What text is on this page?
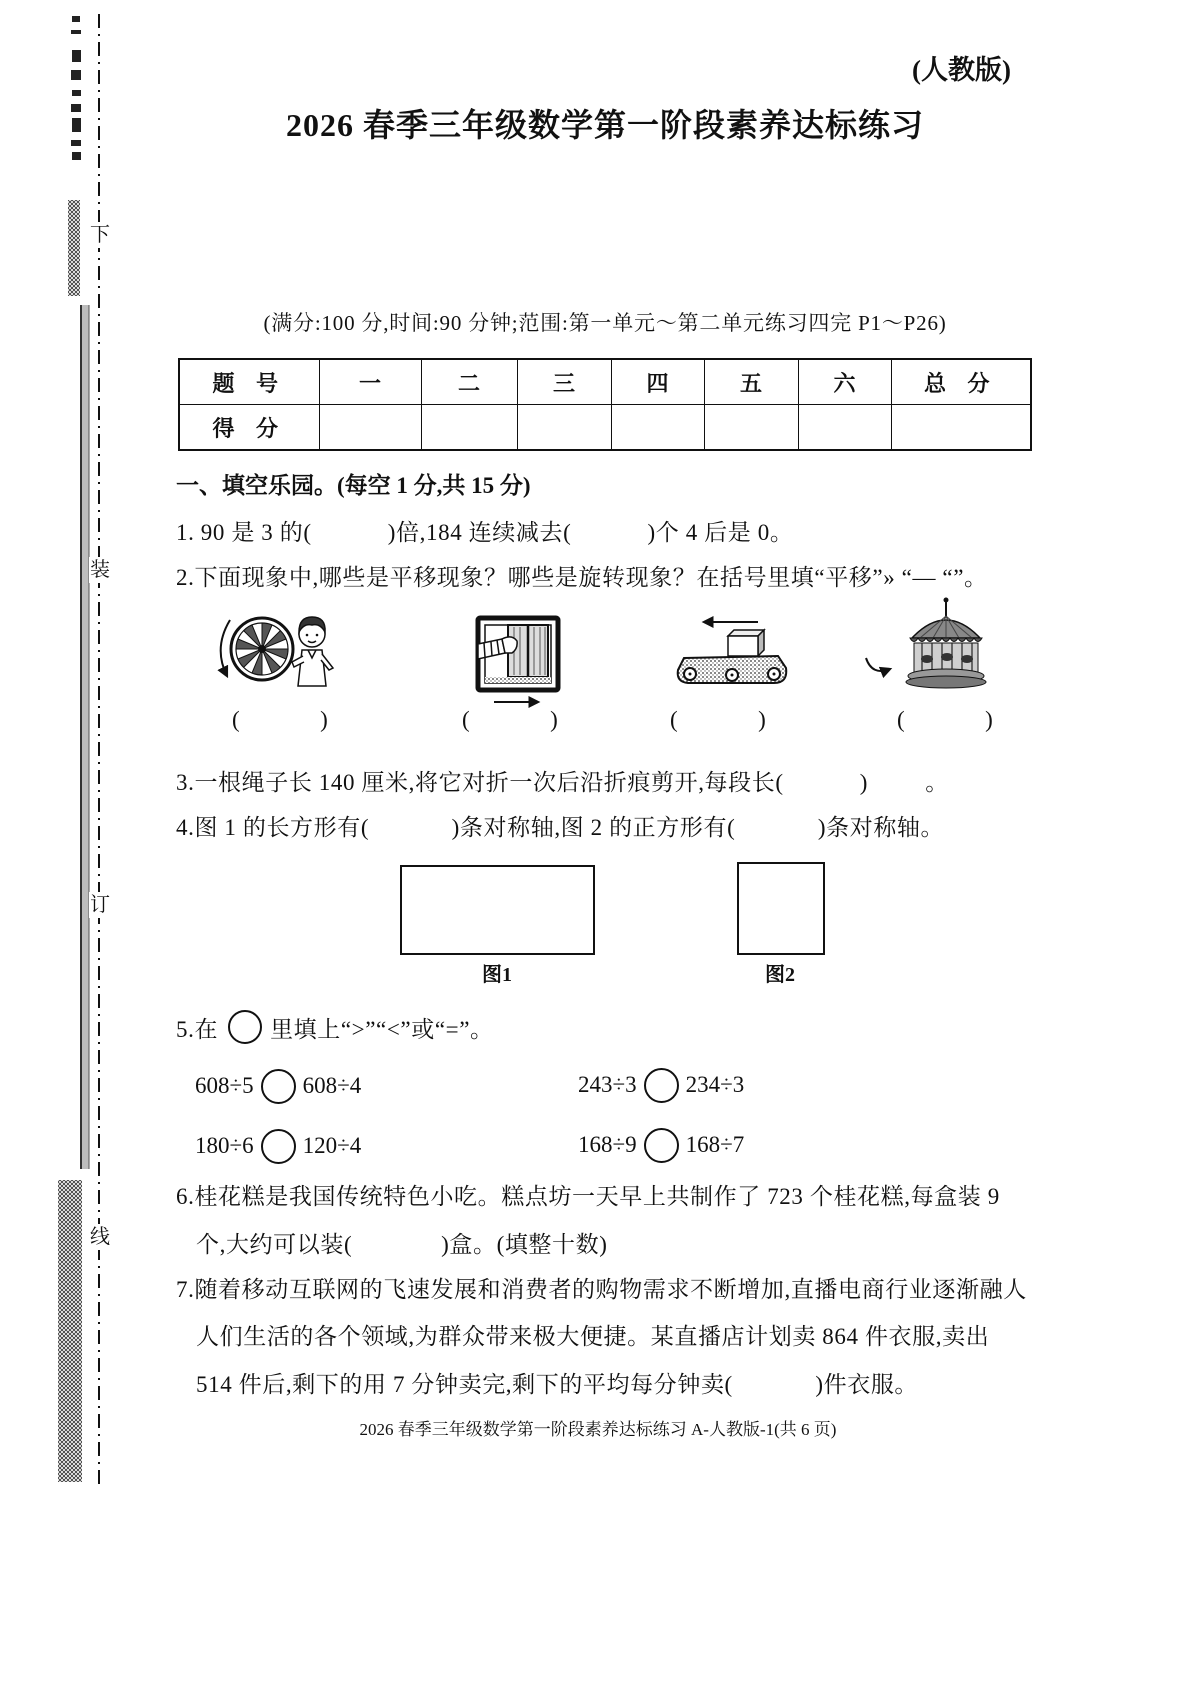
下
装
订
线
(人教版)
2026 春季三年级数学第一阶段素养达标练习
(满分:100 分,时间:90 分钟;范围:第一单元～第二单元练习四完 P1～P26)
题 号	一	二	三	四	五	六	总 分
得 分							
一、填空乐园。(每空 1 分,共 15 分)
1. 90 是 3 的(            )倍,184 连续减去(            )个 4 后是 0。
2.下面现象中,哪些是平移现象？哪些是旋转现象？在括号里填“平移”» “— “”。
(              )	(              )	(              )	(              )
3.一根绳子长 140 厘米,将它对折一次后沿折痕剪开,每段长(            )         。
4.图 1 的长方形有(             )条对称轴,图 2 的正方形有(             )条对称轴。
图1	图2
5.在 里填上“>”“<”或“=”。
608÷5 608÷4	243÷3 234÷3
180÷6 120÷4	168÷9 168÷7
6.桂花糕是我国传统特色小吃。糕点坊一天早上共制作了 723 个桂花糕,每盒装 9
个,大约可以装(              )盒。(填整十数)
7.随着移动互联网的飞速发展和消费者的购物需求不断增加,直播电商行业逐渐融人
人们生活的各个领域,为群众带来极大便捷。某直播店计划卖 864 件衣服,卖出
514 件后,剩下的用 7 分钟卖完,剩下的平均每分钟卖(             )件衣服。
2026 春季三年级数学第一阶段素养达标练习 A-人教版-1(共 6 页)
